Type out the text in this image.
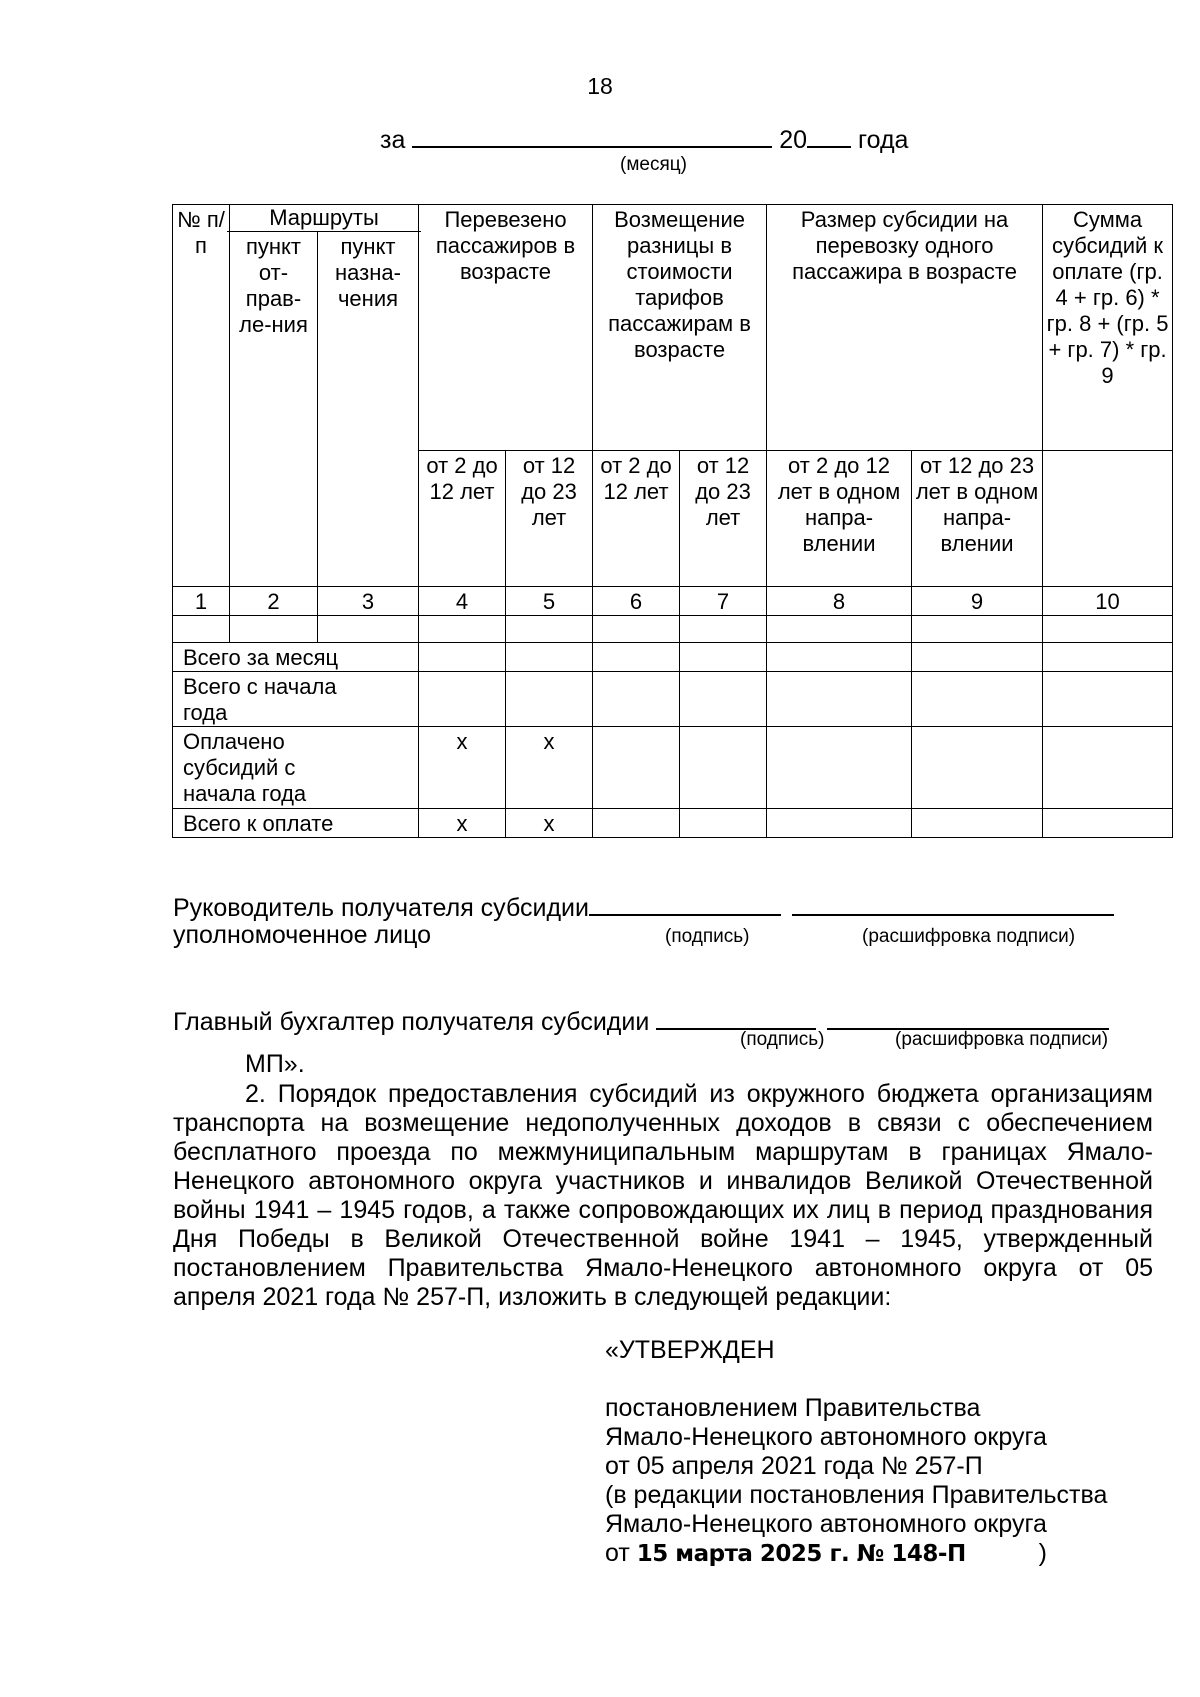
18
за	20 года
(месяц)
№ п/п	Маршруты		Перевезено пассажиров в возрасте		Возмещение разницы в стоимости тарифов пассажирам в возрасте		Размер субсидии на перевозку одного пассажира в возрасте		Сумма субсидий к оплате (гр. 4 + гр. 6) * гр. 8 + (гр. 5 + гр. 7) * гр. 9
	пункт от-прав-ле-ния	пункт назна-чения							
			от 2 до 12 лет	от 12 до 23 лет	от 2 до 12 лет	от 12 до 23 лет	от 2 до 12 лет в одном напра-влении	от 12 до 23 лет в одном напра-влении	
1	2	3	4	5	6	7	8	9	10

Всего за месяц									
Всего с начала года									
Оплачено субсидий с начала года			х	х					
Всего к оплате			х	х					
Руководитель получателя субсидии
уполномоченное лицо	(подпись)	(расшифровка подписи)
Главный бухгалтер получателя субсидии
(подпись)	(расшифровка подписи)
МП».

2. Порядок предоставления субсидий из окружного бюджета организациям транспорта на возмещение недополученных доходов в связи с обеспечением бесплатного проезда по межмуниципальным маршрутам в границах Ямало-Ненецкого автономного округа участников и инвалидов Великой Отечественной войны 1941 – 1945 годов, а также сопровождающих их лиц в период празднования Дня Победы в Великой Отечественной войне 1941 – 1945, утвержденный постановлением Правительства Ямало-Ненецкого автономного округа от 05 апреля 2021 года № 257-П, изложить в следующей редакции:

«УТВЕРЖДЕН

постановлением Правительства

Ямало-Ненецкого автономного округа

от 05 апреля 2021 года № 257-П

(в редакции постановления Правительства

Ямало-Ненецкого автономного округа

от 15 марта 2025 г. № 148-П	)
